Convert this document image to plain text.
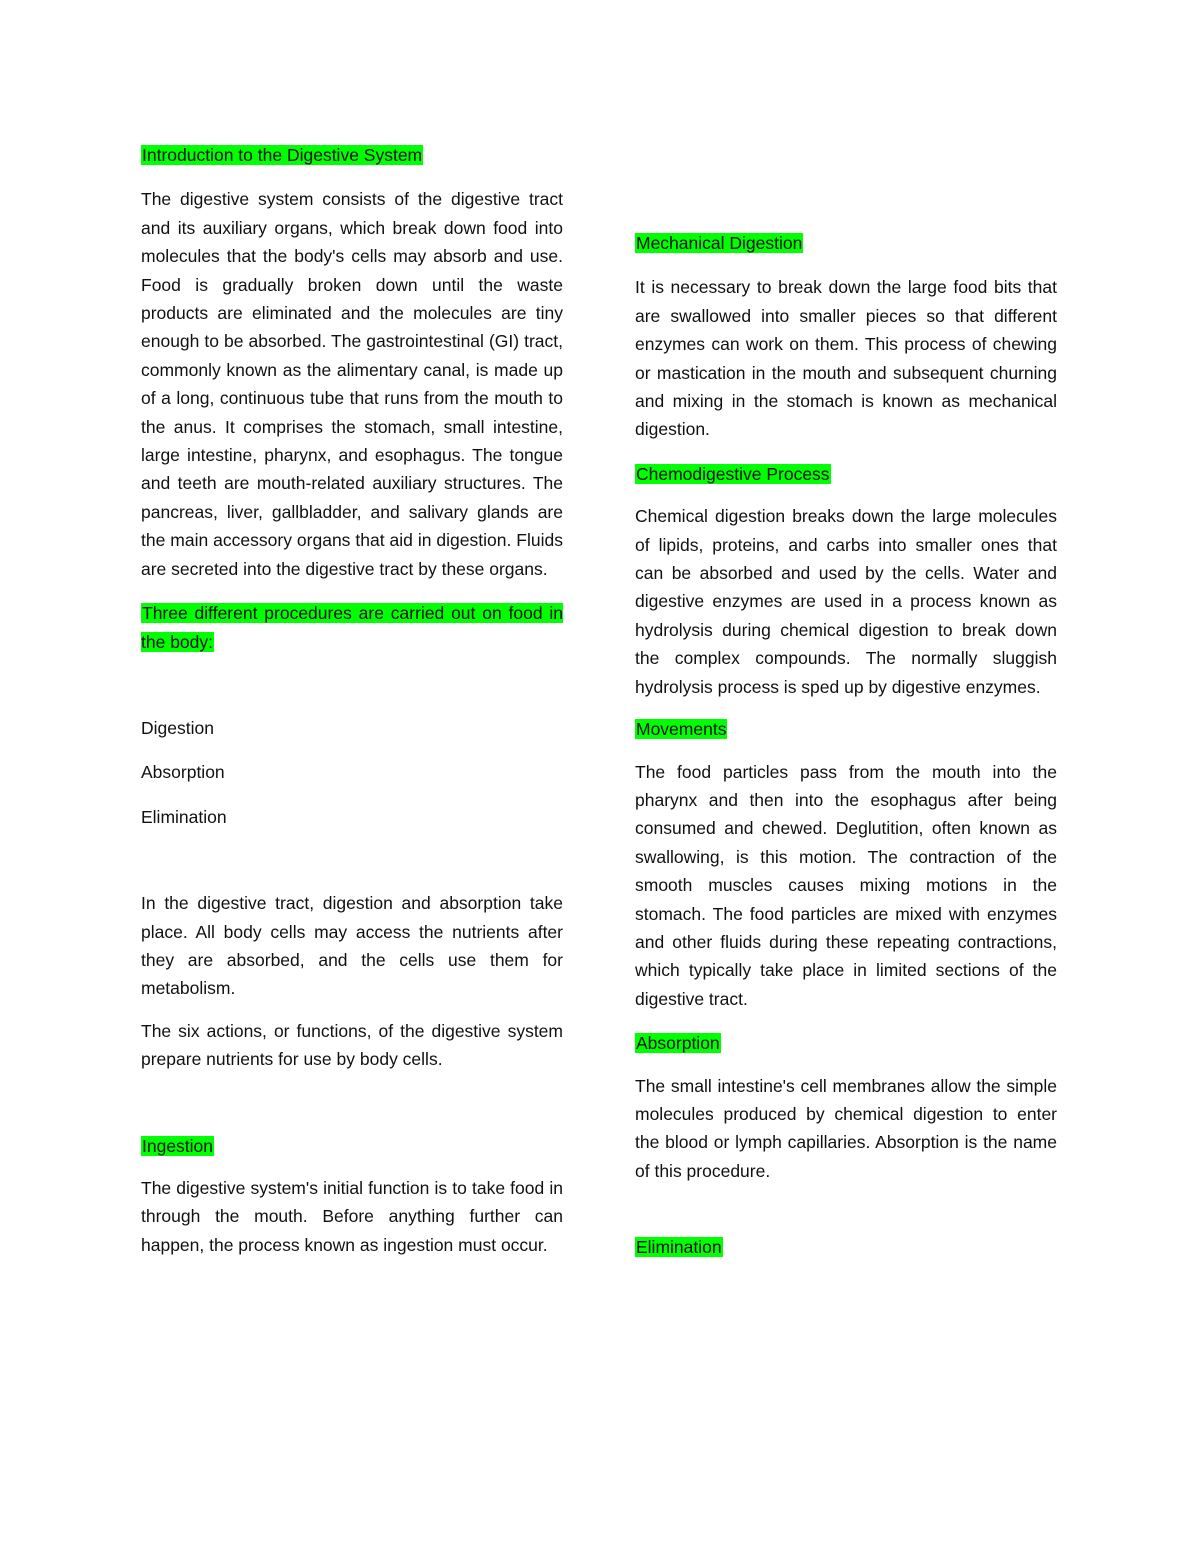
Introduction to the Digestive System

The digestive system consists of the digestive tract and its auxiliary organs, which break down food into molecules that the body's cells may absorb and use. Food is gradually broken down until the waste products are eliminated and the molecules are tiny enough to be absorbed. The gastrointestinal (GI) tract, commonly known as the alimentary canal, is made up of a long, continuous tube that runs from the mouth to the anus. It comprises the stomach, small intestine, large intestine, pharynx, and esophagus. The tongue and teeth are mouth-related auxiliary structures. The pancreas, liver, gallbladder, and salivary glands are the main accessory organs that aid in digestion. Fluids are secreted into the digestive tract by these organs.

Three different procedures are carried out on food in the body:

Digestion

Absorption

Elimination

In the digestive tract, digestion and absorption take place. All body cells may access the nutrients after they are absorbed, and the cells use them for metabolism.

The six actions, or functions, of the digestive system prepare nutrients for use by body cells.

Ingestion

The digestive system's initial function is to take food in through the mouth. Before anything further can happen, the process known as ingestion must occur.

Mechanical Digestion

It is necessary to break down the large food bits that are swallowed into smaller pieces so that different enzymes can work on them. This process of chewing or mastication in the mouth and subsequent churning and mixing in the stomach is known as mechanical digestion.

Chemodigestive Process

Chemical digestion breaks down the large molecules of lipids, proteins, and carbs into smaller ones that can be absorbed and used by the cells. Water and digestive enzymes are used in a process known as hydrolysis during chemical digestion to break down the complex compounds. The normally sluggish hydrolysis process is sped up by digestive enzymes.

Movements

The food particles pass from the mouth into the pharynx and then into the esophagus after being consumed and chewed. Deglutition, often known as swallowing, is this motion. The contraction of the smooth muscles causes mixing motions in the stomach. The food particles are mixed with enzymes and other fluids during these repeating contractions, which typically take place in limited sections of the digestive tract.

Absorption

The small intestine's cell membranes allow the simple molecules produced by chemical digestion to enter the blood or lymph capillaries. Absorption is the name of this procedure.

Elimination
